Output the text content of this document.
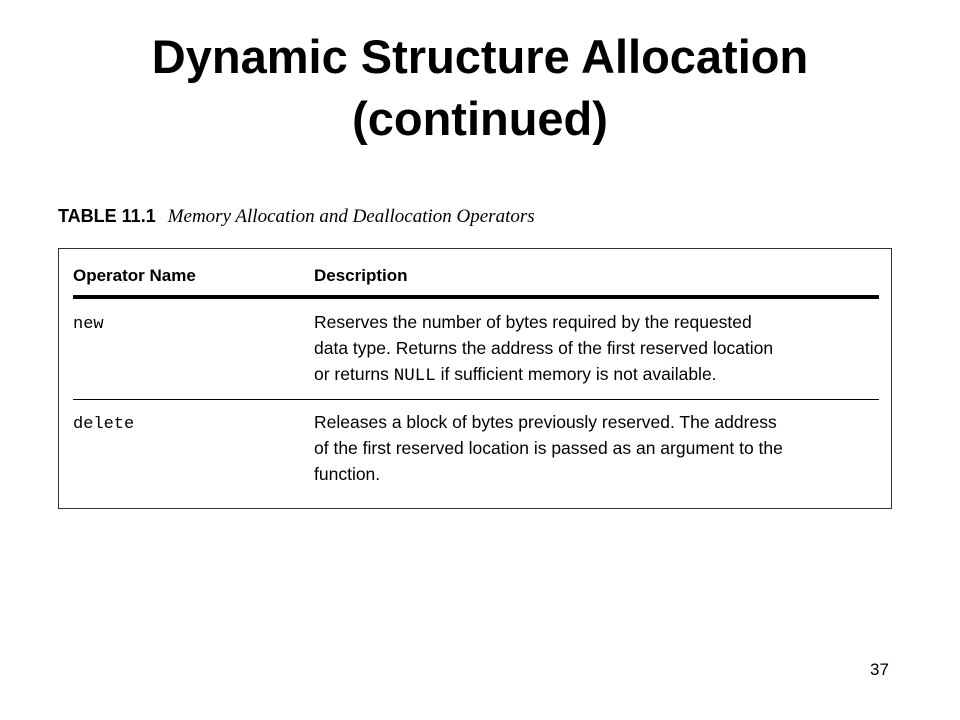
Dynamic Structure Allocation
(continued)
TABLE 11.1 Memory Allocation and Deallocation Operators
Operator Name	Description
new	Reserves the number of bytes required by the requested
data type. Returns the address of the first reserved location
or returns NULL if sufficient memory is not available.
delete	Releases a block of bytes previously reserved. The address
of the first reserved location is passed as an argument to the
function.
37
